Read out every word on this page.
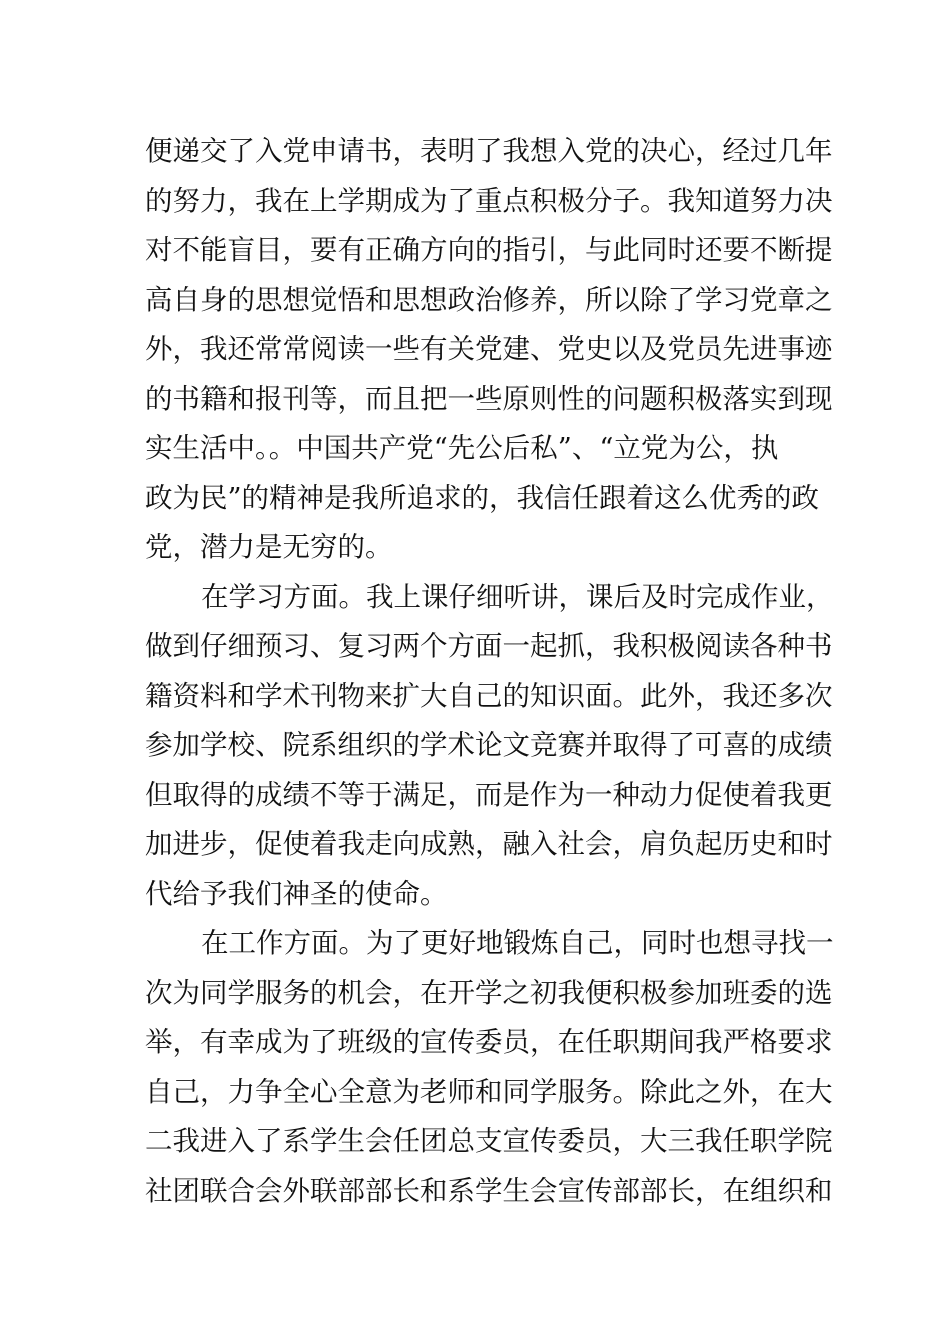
便递交了入党申请书，表明了我想入党的决心，经过几年
的努力，我在上学期成为了重点积极分子。我知道努力决
对不能盲目，要有正确方向的指引，与此同时还要不断提
高自身的思想觉悟和思想政治修养，所以除了学习党章之
外，我还常常阅读一些有关党建、党史以及党员先进事迹
的书籍和报刊等，而且把一些原则性的问题积极落实到现
实生活中。。中国共产党“先公后私”、“立党为公，执
政为民”的精神是我所追求的，我信任跟着这么优秀的政
党，潜力是无穷的。
在学习方面。我上课仔细听讲，课后及时完成作业，
做到仔细预习、复习两个方面一起抓，我积极阅读各种书
籍资料和学术刊物来扩大自己的知识面。此外，我还多次
参加学校、院系组织的学术论文竞赛并取得了可喜的成绩
但取得的成绩不等于满足，而是作为一种动力促使着我更
加进步，促使着我走向成熟，融入社会，肩负起历史和时
代给予我们神圣的使命。
在工作方面。为了更好地锻炼自己，同时也想寻找一
次为同学服务的机会，在开学之初我便积极参加班委的选
举，有幸成为了班级的宣传委员，在任职期间我严格要求
自己，力争全心全意为老师和同学服务。除此之外，在大
二我进入了系学生会任团总支宣传委员，大三我任职学院
社团联合会外联部部长和系学生会宣传部部长，在组织和
